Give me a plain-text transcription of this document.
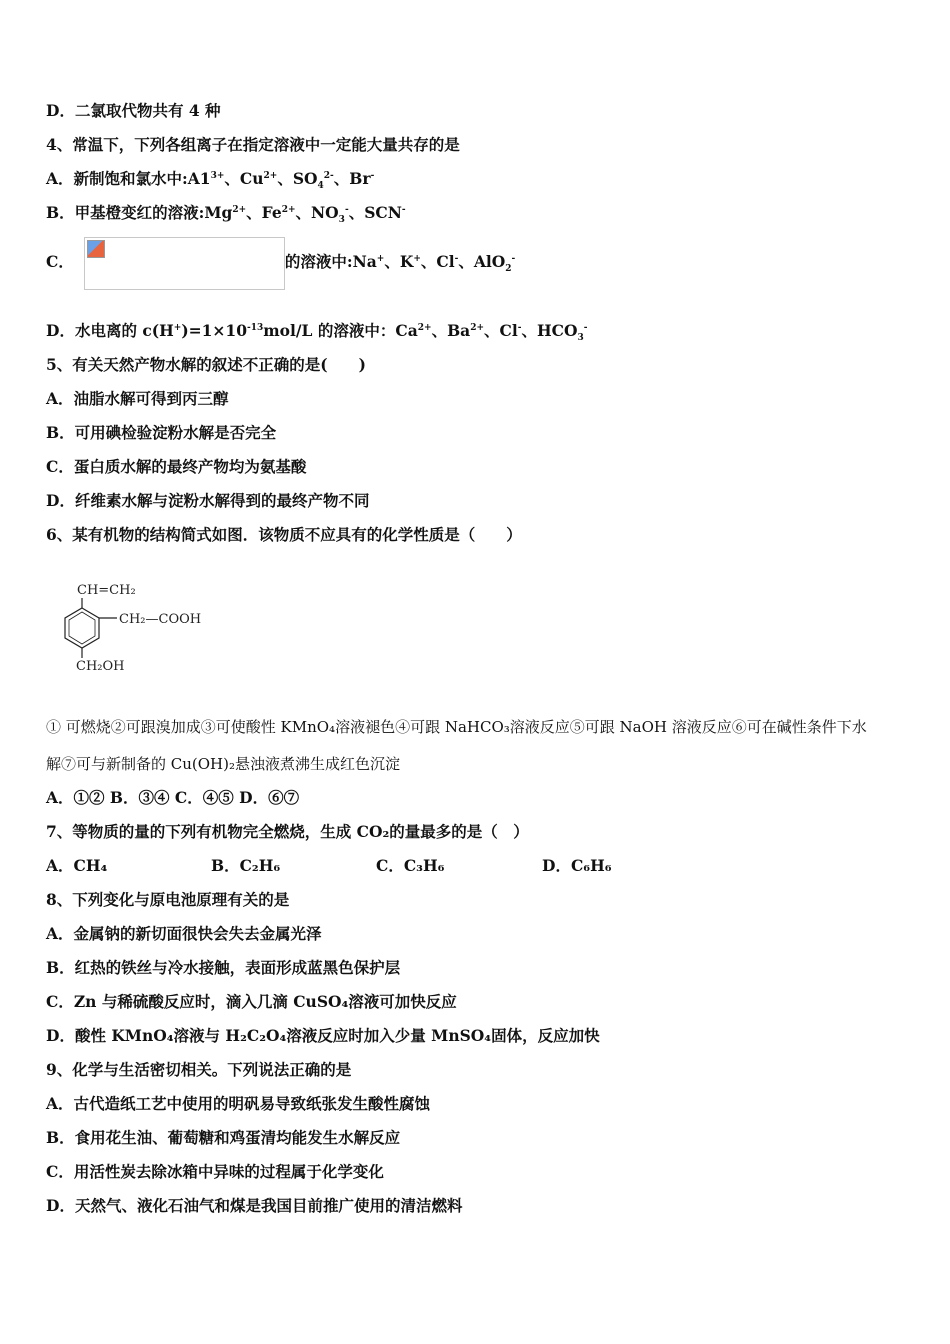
D．二氯取代物共有 4 种
4、常温下，下列各组离子在指定溶液中一定能大量共存的是
A．新制饱和氯水中$:A1^{3+}$、$Cu^{2+}$、$SO_4^{2-}$、Br-
B．甲基橙变红的溶液$:Mg^{2+}$、$Fe^{2+}$、$NO_3^-$、SCN-
C．	的溶液中:Na+、K+、Cl-、AlO$_2$-
D．水电离的 $c(H^+)=1\times 10^{-13}mol/L$ 的溶液中：$Ca^{2+}$、$Ba^{2+}$、Cl-、$HCO_3^-$
5、有关天然产物水解的叙述不正确的是(　　)
A．油脂水解可得到丙三醇
B．可用碘检验淀粉水解是否完全
C．蛋白质水解的最终产物均为氨基酸
D．纤维素水解与淀粉水解得到的最终产物不同
6、某有机物的结构简式如图．该物质不应具有的化学性质是（　　）
CH=CH₂
CH₂—COOH
CH₂OH
① 可燃烧②可跟溴加成③可使酸性 KMnO₄溶液褪色④可跟 NaHCO₃溶液反应⑤可跟 NaOH 溶液反应⑥可在碱性条件下水
解⑦可与新制备的 Cu(OH)₂悬浊液煮沸生成红色沉淀
A．①② B．③④ C．④⑤ D．⑥⑦
7、等物质的量的下列有机物完全燃烧，生成 CO₂的量最多的是（　）
A．CH₄	B．C₂H₆	C．C₃H₆	D．C₆H₆
8、下列变化与原电池原理有关的是
A．金属钠的新切面很快会失去金属光泽
B．红热的铁丝与冷水接触，表面形成蓝黑色保护层
C．Zn 与稀硫酸反应时，滴入几滴 CuSO₄溶液可加快反应
D．酸性 KMnO₄溶液与 H₂C₂O₄溶液反应时加入少量 MnSO₄固体，反应加快
9、化学与生活密切相关。下列说法正确的是
A．古代造纸工艺中使用的明矾易导致纸张发生酸性腐蚀
B．食用花生油、葡萄糖和鸡蛋清均能发生水解反应
C．用活性炭去除冰箱中异味的过程属于化学变化
D．天然气、液化石油气和煤是我国目前推广使用的清洁燃料
